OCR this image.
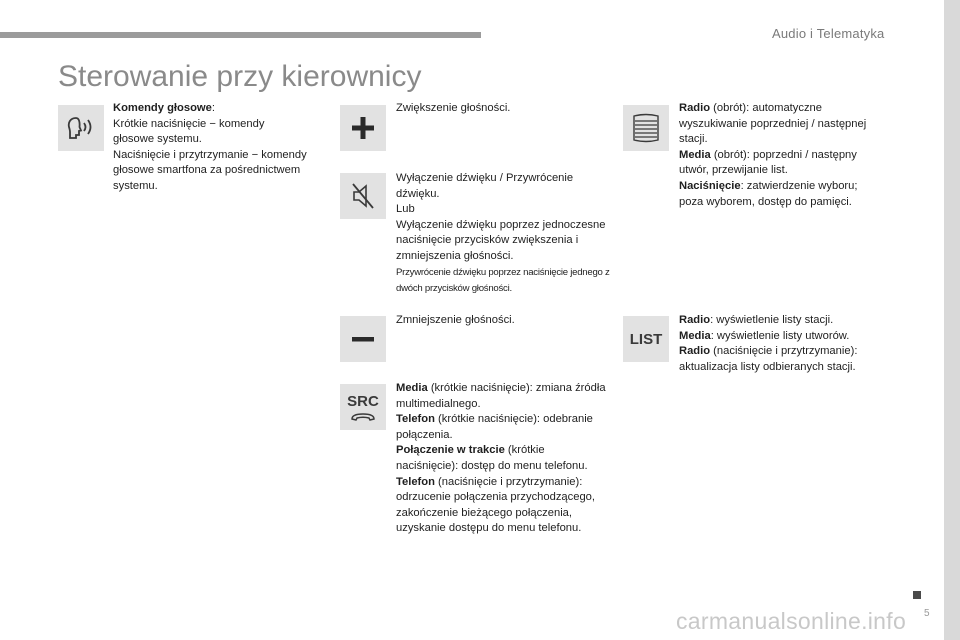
Audio i Telematyka
Sterowanie przy kierownicy
Komendy głosowe:
Krótkie naciśnięcie − komendy głosowe systemu.
Naciśnięcie i przytrzymanie − komendy głosowe smartfona za pośrednictwem systemu.
Zwiększenie głośności.
Wyłączenie dźwięku / Przywrócenie dźwięku.
Lub
Wyłączenie dźwięku poprzez jednoczesne naciśnięcie przycisków zwiększenia i zmniejszenia głośności.
Przywrócenie dźwięku poprzez naciśnięcie jednego z dwóch przycisków głośności.
Zmniejszenie głośności.
SRC
Media (krótkie naciśnięcie): zmiana źródła multimedialnego.
Telefon (krótkie naciśnięcie): odebranie połączenia.
Połączenie w trakcie (krótkie naciśnięcie): dostęp do menu telefonu.
Telefon (naciśnięcie i przytrzymanie): odrzucenie połączenia przychodzącego, zakończenie bieżącego połączenia, uzyskanie dostępu do menu telefonu.
Radio (obrót): automatyczne wyszukiwanie poprzedniej / następnej stacji.
Media (obrót): poprzedni / następny utwór, przewijanie list.
Naciśnięcie: zatwierdzenie wyboru; poza wyborem, dostęp do pamięci.
LIST
Radio: wyświetlenie listy stacji.
Media: wyświetlenie listy utworów.
Radio (naciśnięcie i przytrzymanie): aktualizacja listy odbieranych stacji.
5
carmanualsonline.info
